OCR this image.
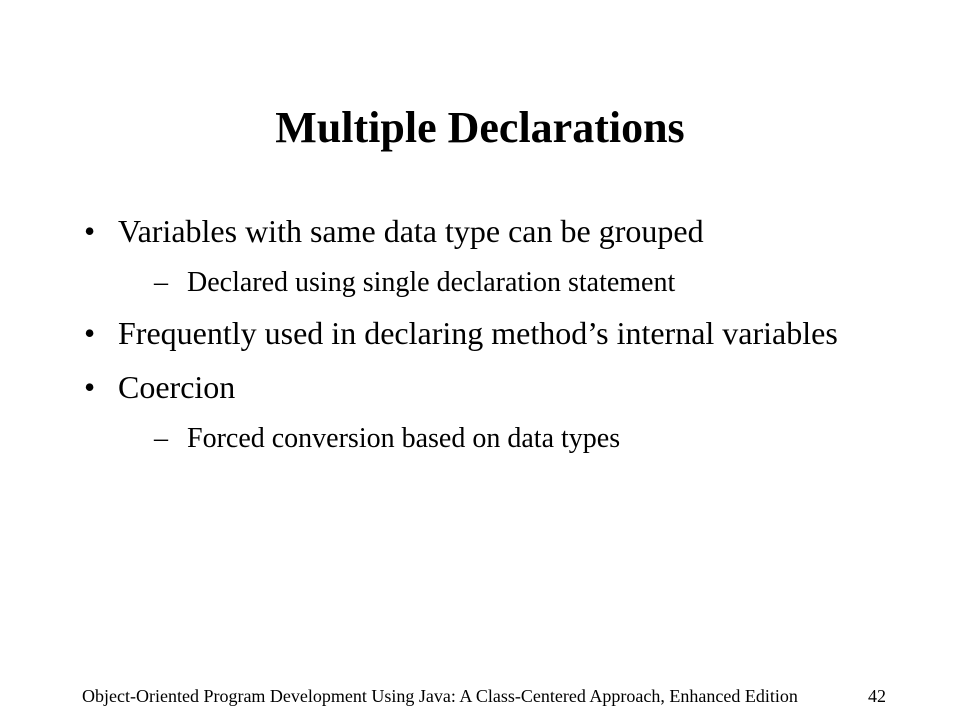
Multiple Declarations
• Variables with same data type can be grouped
– Declared using single declaration statement
• Frequently used in declaring method’s internal variables
• Coercion
– Forced conversion based on data types
Object-Oriented Program Development Using Java: A Class-Centered Approach, Enhanced Edition	42
